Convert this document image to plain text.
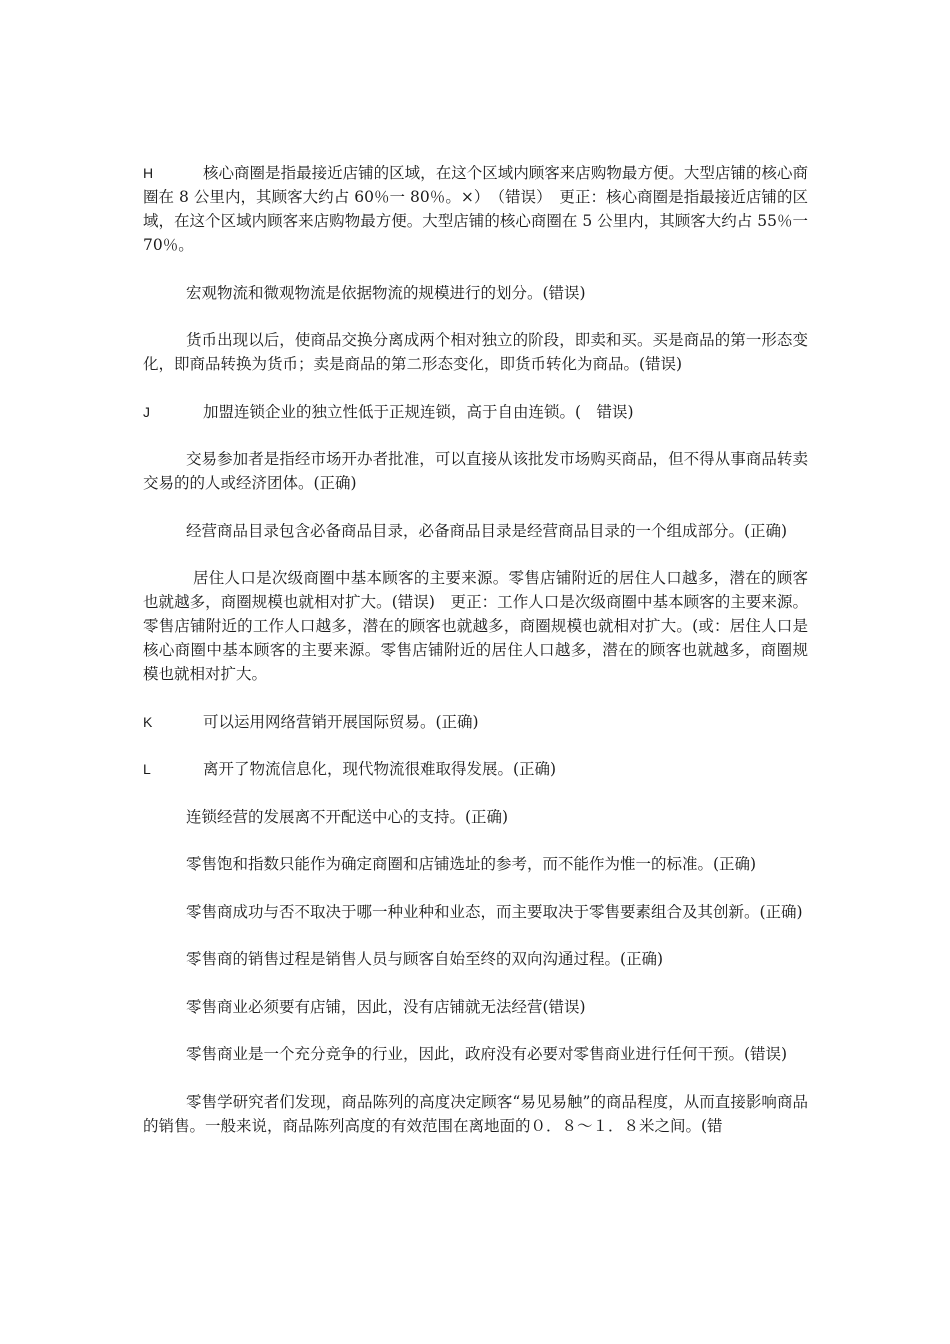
H	核心商圈是指最接近店铺的区域，在这个区域内顾客来店购物最方便。大型店铺的核心商圈在 8 公里内，其顾客大约占 60％一 80％。×）　（错误）　更正：核心商圈是指最接近店铺的区域，在这个区域内顾客来店购物最方便。大型店铺的核心商圈在 5 公里内，其顾客大约占 55％一 70％。

宏观物流和微观物流是依据物流的规模进行的划分。(错误)

货币出现以后，使商品交换分离成两个相对独立的阶段，即卖和买。买是商品的第一形态变化，即商品转换为货币；卖是商品的第二形态变化，即货币转化为商品。(错误)

J	加盟连锁企业的独立性低于正规连锁，高于自由连锁。(　错误)

交易参加者是指经市场开办者批准，可以直接从该批发市场购买商品，但不得从事商品转卖交易的的人或经济团体。(正确)

经营商品目录包含必备商品目录，必备商品目录是经营商品目录的一个组成部分。(正确)

居住人口是次级商圈中基本顾客的主要来源。零售店铺附近的居住人口越多，潜在的顾客也就越多，商圈规模也就相对扩大。(错误)　更正：工作人口是次级商圈中基本顾客的主要来源。零售店铺附近的工作人口越多，潜在的顾客也就越多，商圈规模也就相对扩大。(或：居住人口是核心商圈中基本顾客的主要来源。零售店铺附近的居住人口越多，潜在的顾客也就越多，商圈规模也就相对扩大。

K	可以运用网络营销开展国际贸易。(正确)

L	离开了物流信息化，现代物流很难取得发展。(正确)

连锁经营的发展离不开配送中心的支持。(正确)

零售饱和指数只能作为确定商圈和店铺选址的参考，而不能作为惟一的标准。(正确)

零售商成功与否不取决于哪一种业种和业态，而主要取决于零售要素组合及其创新。(正确)

零售商的销售过程是销售人员与顾客自始至终的双向沟通过程。(正确)

零售商业必须要有店铺，因此，没有店铺就无法经营(错误)

零售商业是一个充分竞争的行业，因此，政府没有必要对零售商业进行任何干预。(错误)

零售学研究者们发现，商品陈列的高度决定顾客“易见易触”的商品程度，从而直接影响商品的销售。一般来说，商品陈列高度的有效范围在离地面的０．８～１．８米之间。(错
